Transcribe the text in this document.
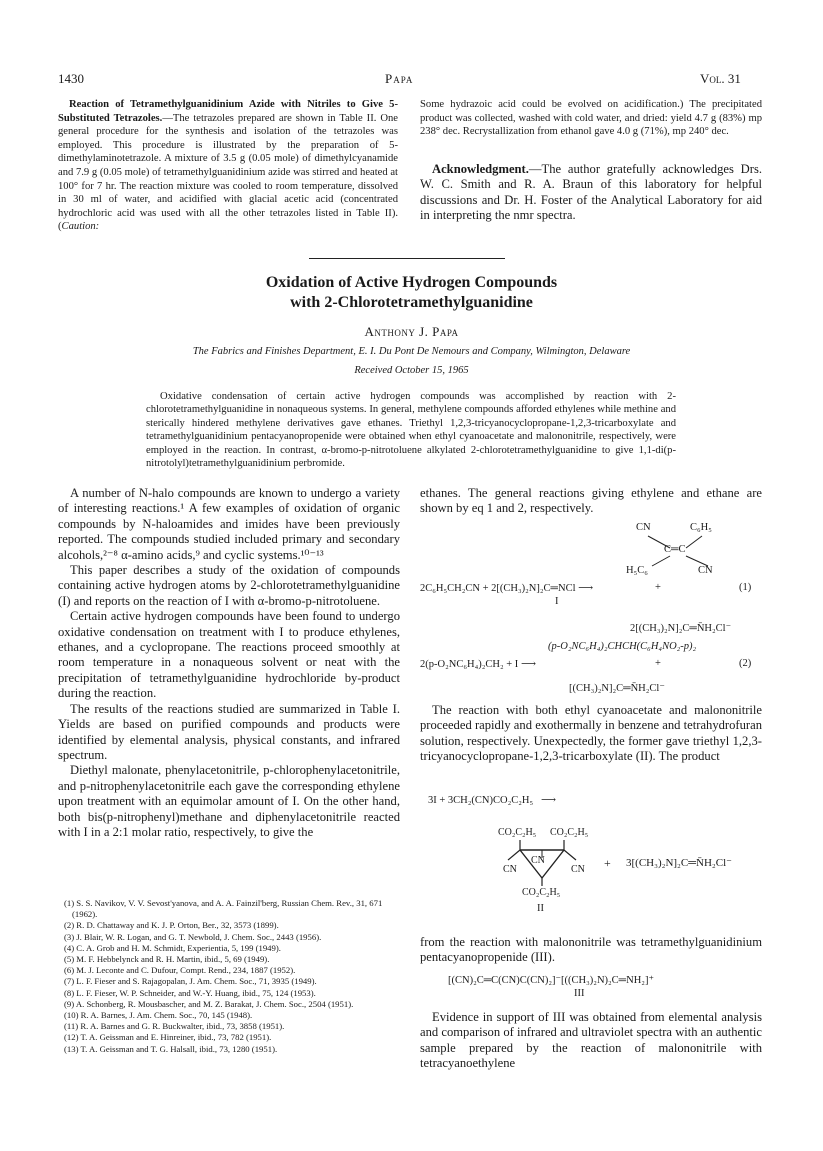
1430	Papa	Vol. 31

Reaction of Tetramethylguanidinium Azide with Nitriles to Give 5-Substituted Tetrazoles.—The tetrazoles prepared are shown in Table II. One general procedure for the synthesis and isolation of the tetrazoles was employed. This procedure is illustrated by the preparation of 5-dimethylaminotetrazole. A mixture of 3.5 g (0.05 mole) of dimethylcyanamide and 7.9 g (0.05 mole) of tetramethylguanidinium azide was stirred and heated at 100° for 7 hr. The reaction mixture was cooled to room temperature, dissolved in 30 ml of water, and acidified with glacial acetic acid (concentrated hydrochloric acid was used with all the other tetrazoles listed in Table II). (Caution:

Some hydrazoic acid could be evolved on acidification.) The precipitated product was collected, washed with cold water, and dried: yield 4.7 g (83%) mp 238° dec. Recrystallization from ethanol gave 4.0 g (71%), mp 240° dec.

Acknowledgment.—The author gratefully acknowledges Drs. W. C. Smith and R. A. Braun of this laboratory for helpful discussions and Dr. H. Foster of the Analytical Laboratory for aid in interpreting the nmr spectra.

Oxidation of Active Hydrogen Compounds
with 2-Chlorotetramethylguanidine
Anthony J. Papa
The Fabrics and Finishes Department, E. I. Du Pont De Nemours and Company, Wilmington, Delaware
Received October 15, 1965
Oxidative condensation of certain active hydrogen compounds was accomplished by reaction with 2-chlorotetramethylguanidine in nonaqueous systems. In general, methylene compounds afforded ethylenes while methine and sterically hindered methylene derivatives gave ethanes. Triethyl 1,2,3-tricyanocyclopropane-1,2,3-tricarboxylate and tetramethylguanidinium pentacyanopropenide were obtained when ethyl cyanoacetate and malononitrile, respectively, were employed in the reaction. In contrast, α-bromo-p-nitrotoluene alkylated 2-chlorotetramethylguanidine to give 1,1-di(p-nitrotolyl)tetramethylguanidinium perbromide.

A number of N-halo compounds are known to undergo a variety of interesting reactions.¹ A few examples of oxidation of organic compounds by N-haloamides and imides have been previously reported. The compounds studied included primary and secondary alcohols,²⁻⁸ α-amino acids,⁹ and cyclic systems.¹⁰⁻¹³

This paper describes a study of the oxidation of compounds containing active hydrogen atoms by 2-chlorotetramethylguanidine (I) and reports on the reaction of I with α-bromo-p-nitrotoluene.

Certain active hydrogen compounds have been found to undergo oxidative condensation on treatment with I to produce ethylenes, ethanes, and a cyclopropane. The reactions proceed smoothly at room temperature in a nonaqueous solvent or neat with the precipitation of tetramethylguanidine hydrochloride by-product during the reaction.

The results of the reactions studied are summarized in Table I. Yields are based on purified compounds and products were identified by elemental analysis, physical constants, and infrared spectrum.

Diethyl malonate, phenylacetonitrile, p-chlorophenylacetonitrile, and p-nitrophenylacetonitrile each gave the corresponding ethylene upon treatment with an equimolar amount of I. On the other hand, both bis(p-nitrophenyl)methane and diphenylacetonitrile reacted with I in a 2:1 molar ratio, respectively, to give the

(1) S. S. Navikov, V. V. Sevost'yanova, and A. A. Fainzil'berg, Russian Chem. Rev., 31, 671 (1962).
(2) R. D. Chattaway and K. J. P. Orton, Ber., 32, 3573 (1899).
(3) J. Blair, W. R. Logan, and G. T. Newbold, J. Chem. Soc., 2443 (1956).
(4) C. A. Grob and H. M. Schmidt, Experientia, 5, 199 (1949).
(5) M. F. Hebbelynck and R. H. Martin, ibid., 5, 69 (1949).
(6) M. J. Leconte and C. Dufour, Compt. Rend., 234, 1887 (1952).
(7) L. F. Fieser and S. Rajagopalan, J. Am. Chem. Soc., 71, 3935 (1949).
(8) L. F. Fieser, W. P. Schneider, and W.-Y. Huang, ibid., 75, 124 (1953).
(9) A. Schonberg, R. Mousbascher, and M. Z. Barakat, J. Chem. Soc., 2504 (1951).
(10) R. A. Barnes, J. Am. Chem. Soc., 70, 145 (1948).
(11) R. A. Barnes and G. R. Buckwalter, ibid., 73, 3858 (1951).
(12) T. A. Geissman and E. Hinreiner, ibid., 73, 782 (1951).
(13) T. A. Geissman and T. G. Halsall, ibid., 73, 1280 (1951).

ethanes. The general reactions giving ethylene and ethane are shown by eq 1 and 2, respectively.

CN	C₆H₅
C═C
H₅C₆	CN
2C₆H₅CH₂CN + 2[(CH₃)₂N]₂C═NCl ⟶	+	(1)
I
2[(CH₃)₂N]₂C═N̄H₂Cl⁻
(p-O₂NC₆H₄)₂CHCH(C₆H₄NO₂-p)₂
2(p-O₂NC₆H₄)₂CH₂ + I ⟶	+	(2)
[(CH₃)₂N]₂C═N̄H₂Cl⁻

The reaction with both ethyl cyanoacetate and malononitrile proceeded rapidly and exothermally in benzene and tetrahydrofuran solution, respectively. Unexpectedly, the former gave triethyl 1,2,3-tricyanocyclopropane-1,2,3-tricarboxylate (II). The product

3I + 3CH₂(CN)CO₂C₂H₅ ⟶
CO₂C₂H₅ CO₂C₂H₅
CN
CN	CN
CO₂C₂H₅
II
+ 3[(CH₃)₂N]₂C═N̄H₂Cl⁻

from the reaction with malononitrile was tetramethylguanidinium pentacyanopropenide (III).

[(CN)₂C═C(CN)C(CN)₂]⁻[((CH₃)₂N)₂C═NH₂]⁺
III

Evidence in support of III was obtained from elemental analysis and comparison of infrared and ultraviolet spectra with an authentic sample prepared by the reaction of malononitrile with tetracyanoethylene
